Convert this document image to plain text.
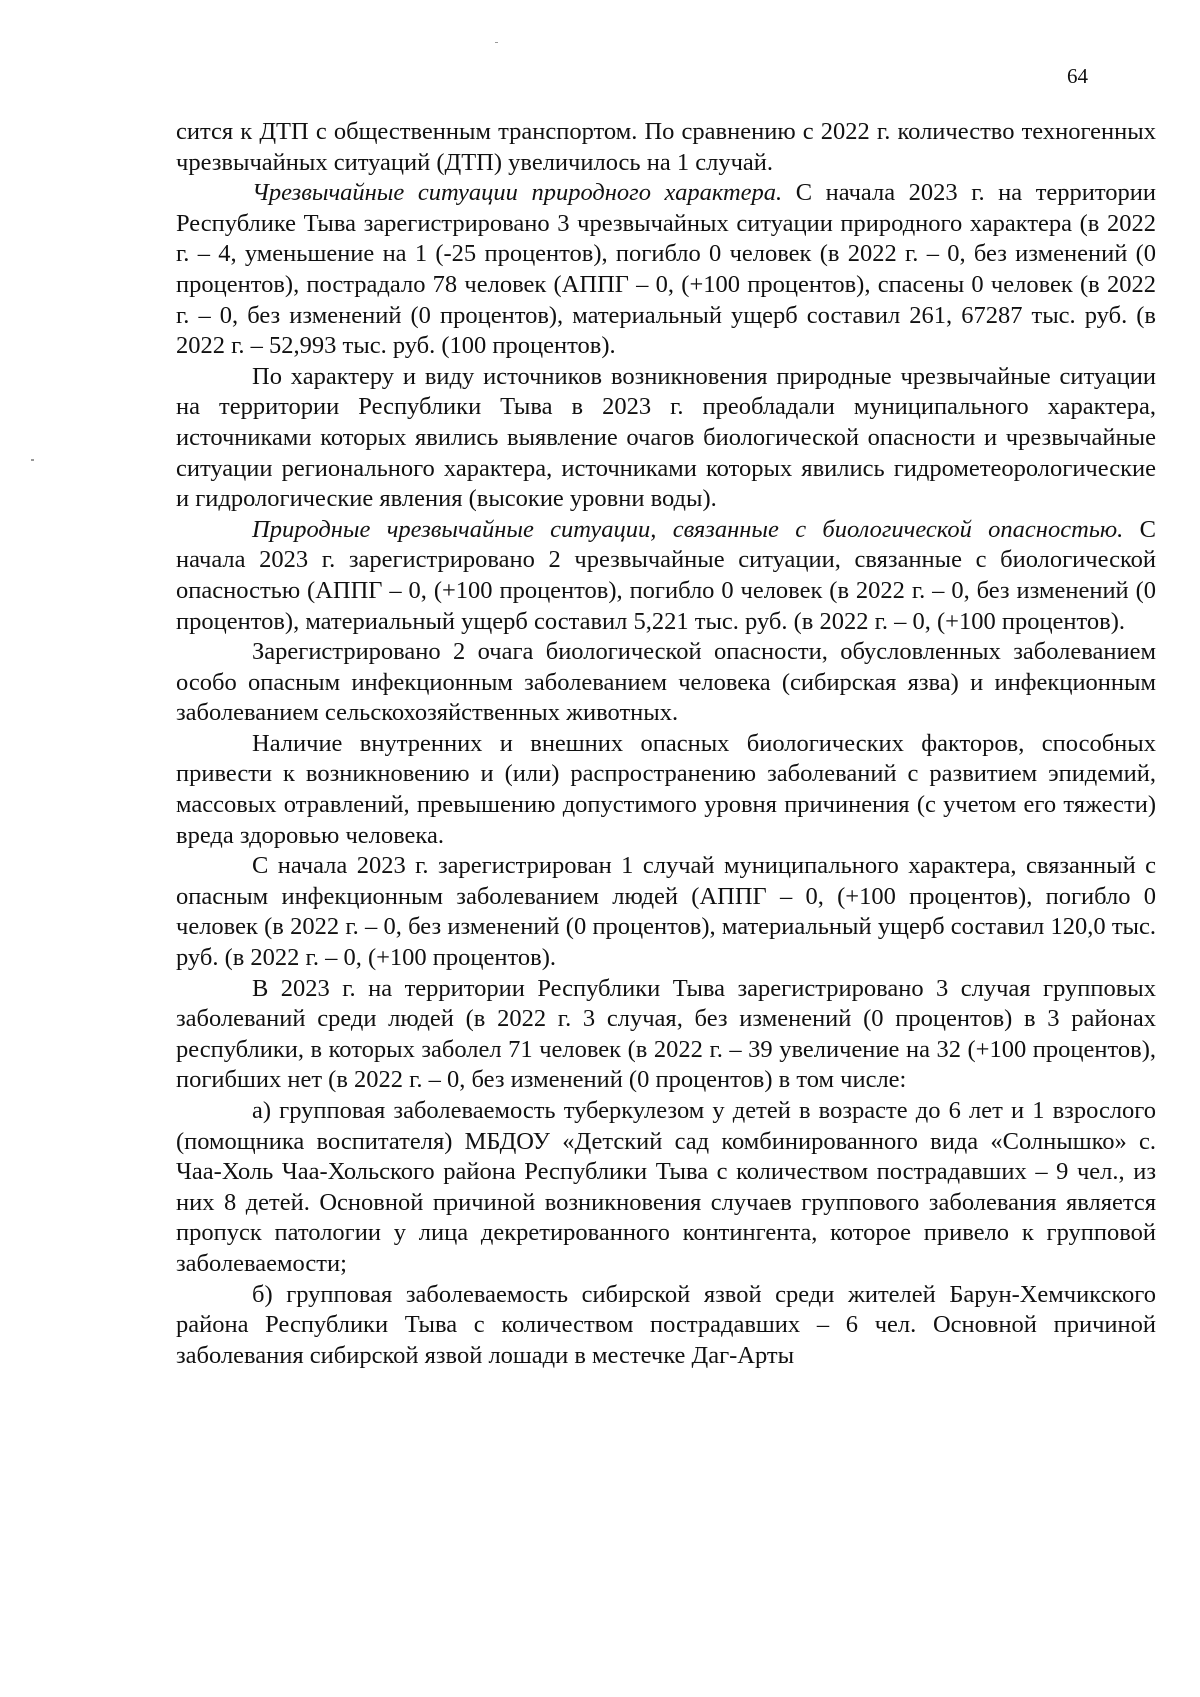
64

сится к ДТП с общественным транспортом. По сравнению с 2022 г. количество техногенных чрезвычайных ситуаций (ДТП) увеличилось на 1 случай.

Чрезвычайные ситуации природного характера. С начала 2023 г. на территории Республике Тыва зарегистрировано 3 чрезвычайных ситуации природного характера (в 2022 г. – 4, уменьшение на 1 (-25 процентов), погибло 0 человек (в 2022 г. – 0, без изменений (0 процентов), пострадало 78 человек (АППГ – 0, (+100 процентов), спасены 0 человек (в 2022 г. – 0, без изменений (0 процентов), материальный ущерб составил 261, 67287 тыс. руб. (в 2022 г. – 52,993 тыс. руб. (100 процентов).

По характеру и виду источников возникновения природные чрезвычайные ситуации на территории Республики Тыва в 2023 г. преобладали муниципального характера, источниками которых явились выявление очагов биологической опасности и чрезвычайные ситуации регионального характера, источниками которых явились гидрометеорологические и гидрологические явления (высокие уровни воды).

Природные чрезвычайные ситуации, связанные с биологической опасностью. С начала 2023 г. зарегистрировано 2 чрезвычайные ситуации, связанные с биологической опасностью (АППГ – 0, (+100 процентов), погибло 0 человек (в 2022 г. – 0, без изменений (0 процентов), материальный ущерб составил 5,221 тыс. руб. (в 2022 г. – 0, (+100 процентов).

Зарегистрировано 2 очага биологической опасности, обусловленных заболеванием особо опасным инфекционным заболеванием человека (сибирская язва) и инфекционным заболеванием сельскохозяйственных животных.

Наличие внутренних и внешних опасных биологических факторов, способных привести к возникновению и (или) распространению заболеваний с развитием эпидемий, массовых отравлений, превышению допустимого уровня причинения (с учетом его тяжести) вреда здоровью человека.

С начала 2023 г. зарегистрирован 1 случай муниципального характера, связанный с опасным инфекционным заболеванием людей (АППГ – 0, (+100 процентов), погибло 0 человек (в 2022 г. – 0, без изменений (0 процентов), материальный ущерб составил 120,0 тыс. руб. (в 2022 г. – 0, (+100 процентов).

В 2023 г. на территории Республики Тыва зарегистрировано 3 случая групповых заболеваний среди людей (в 2022 г. 3 случая, без изменений (0 процентов) в 3 районах республики, в которых заболел 71 человек (в 2022 г. – 39 увеличение на 32 (+100 процентов), погибших нет (в 2022 г. – 0, без изменений (0 процентов) в том числе:

а) групповая заболеваемость туберкулезом у детей в возрасте до 6 лет и 1 взрослого (помощника воспитателя) МБДОУ «Детский сад комбинированного вида «Солнышко» с. Чаа-Холь Чаа-Хольского района Республики Тыва с количеством пострадавших – 9 чел., из них 8 детей. Основной причиной возникновения случаев группового заболевания является пропуск патологии у лица декретированного контингента, которое привело к групповой заболеваемости;

б) групповая заболеваемость сибирской язвой среди жителей Барун-Хемчикского района Республики Тыва с количеством пострадавших – 6 чел. Основной причиной заболевания сибирской язвой лошади в местечке Даг-Арты
